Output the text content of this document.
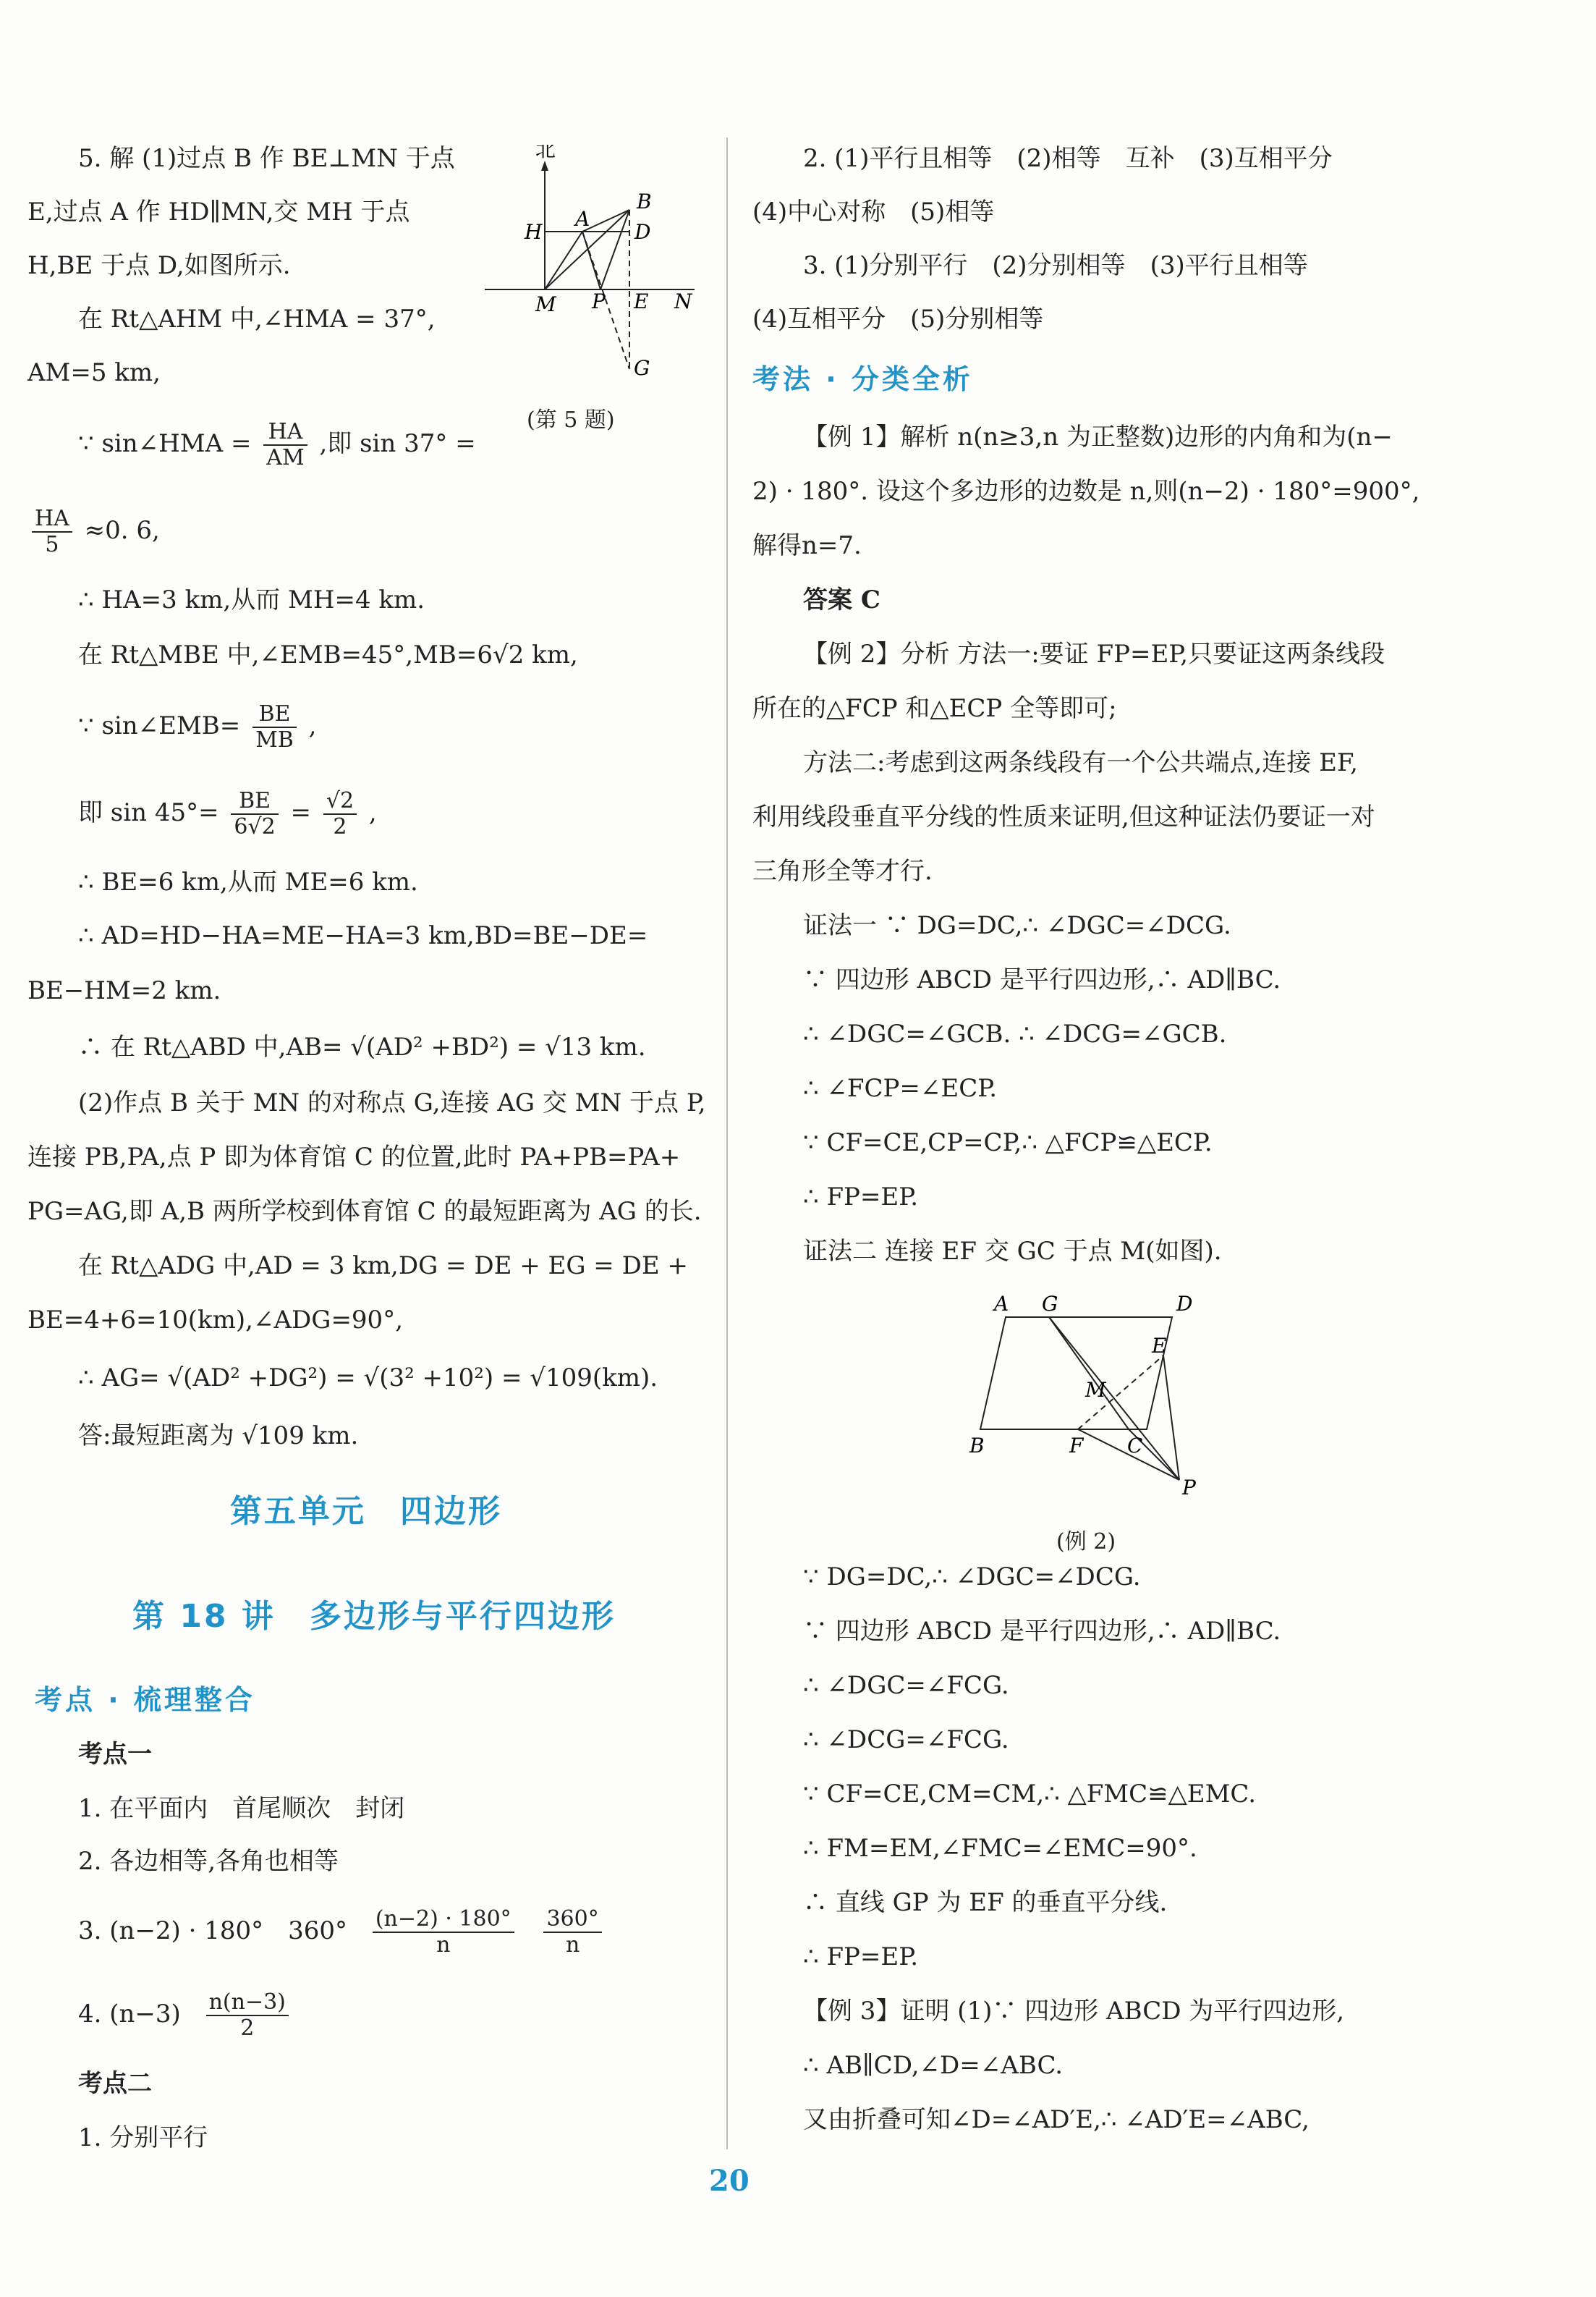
5. 解 (1)过点 B 作 BE⊥MN 于点
E,过点 A 作 HD∥MN,交 MH 于点
H,BE 于点 D,如图所示.
在 Rt△AHM 中,∠HMA = 37°,
AM=5 km,
∵ sin∠HMA = $\frac{HA}{AM}$ ,即 sin 37° =
$\frac{HA}{5} \approx 0$. 6,
∴ HA=3 km,从而 MH=4 km.
在 Rt△MBE 中,∠EMB=45°,MB=6√2 km,
∵ sin∠EMB= $\frac{BE}{MB}$ ,
即 $\sin 45^\circ= \frac{BE}{6√2} = \frac{√2}{2}$ ,
∴ BE=6 km,从而 ME=6 km.
∴ AD=HD−HA=ME−HA=3 km,BD=BE−DE=
BE−HM=2 km.
∴ 在 Rt△ABD 中,AB= √(AD² +BD²) = √13 km.
(2)作点 B 关于 MN 的对称点 G,连接 AG 交 MN 于点 P,
连接 PB,PA,点 P 即为体育馆 C 的位置,此时 PA+PB=PA+
PG=AG,即 A,B 两所学校到体育馆 C 的最短距离为 AG 的长.
在 Rt△ADG 中,AD = 3 km,DG = DE + EG = DE +
BE=4+6=10(km),∠ADG=90°,
∴ AG= √(AD² +DG²) = √(3² +10²) = √109(km).
答:最短距离为 √109 km.
第五单元　四边形
第 18 讲　多边形与平行四边形
考点 · 梳理整合
考点一
1. 在平面内　首尾顺次　封闭
2. 各边相等,各角也相等
3. (n−2) · 180°　$360^\circ \frac{(n-2) \cdot 180^\circ}{n}$
$\frac{360^\circ}{n}$
4. $(n-3) \frac{n(n-3)}{2}$
考点二
1. 分别平行
北
B
H
A
D
M P E N
G
(第 5 题)
2. (1)平行且相等　(2)相等　互补　(3)互相平分
(4)中心对称　(5)相等
3. (1)分别平行　(2)分别相等　(3)平行且相等
(4)互相平分　(5)分别相等
考法 · 分类全析
【例 1】解析 n(n≥3,n 为正整数)边形的内角和为(n−
2) · 180°. 设这个多边形的边数是 n,则(n−2) · 180°=900°,
解得n=7.
答案 C
【例 2】分析 方法一:要证 FP=EP,只要证这两条线段
所在的△FCP 和△ECP 全等即可;
方法二:考虑到这两条线段有一个公共端点,连接 EF,
利用线段垂直平分线的性质来证明,但这种证法仍要证一对
三角形全等才行.
证法一 ∵ DG=DC,∴ ∠DGC=∠DCG.
∵ 四边形 ABCD 是平行四边形,∴ AD∥BC.
∴ ∠DGC=∠GCB. ∴ ∠DCG=∠GCB.
∴ ∠FCP=∠ECP.
∵ CF=CE,CP=CP,∴ △FCP≌△ECP.
∴ FP=EP.
证法二 连接 EF 交 GC 于点 M(如图).
∵ DG=DC,∴ ∠DGC=∠DCG.
∵ 四边形 ABCD 是平行四边形,∴ AD∥BC.
∴ ∠DGC=∠FCG.
∴ ∠DCG=∠FCG.
∵ CF=CE,CM=CM,∴ △FMC≌△EMC.
∴ FM=EM,∠FMC=∠EMC=90°.
∴ 直线 GP 为 EF 的垂直平分线.
∴ FP=EP.
【例 3】证明 (1)∵ 四边形 ABCD 为平行四边形,
∴ AB∥CD,∠D=∠ABC.
又由折叠可知∠D=∠AD′E,∴ ∠AD′E=∠ABC,
A G	D
E
M
B	F C
P
(例 2)
20
